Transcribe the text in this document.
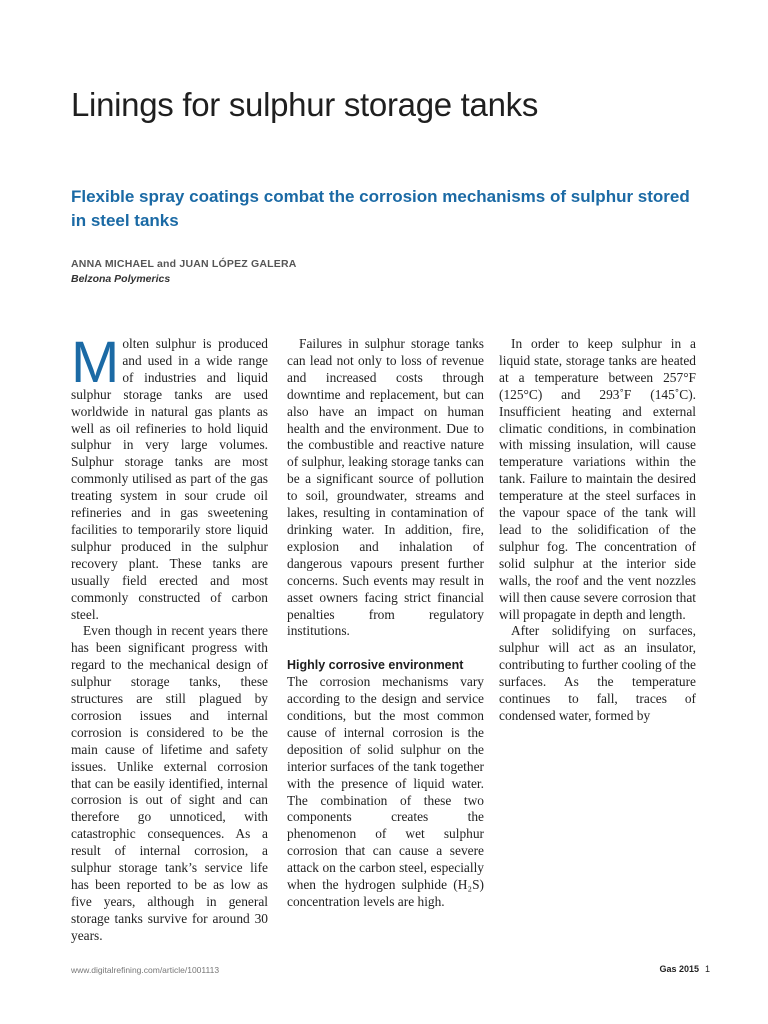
Linings for sulphur storage tanks
Flexible spray coatings combat the corrosion mechanisms of sulphur stored in steel tanks
ANNA MICHAEL and JUAN LÓPEZ GALERA
Belzona Polymerics

Molten sulphur is produced and used in a wide range of industries and liquid sulphur storage tanks are used worldwide in natural gas plants as well as oil refineries to hold liquid sulphur in very large volumes. Sulphur storage tanks are most commonly utilised as part of the gas treating system in sour crude oil refineries and in gas sweetening facilities to temporarily store liquid sulphur produced in the sulphur recovery plant. These tanks are usually field erected and most commonly constructed of carbon steel.

Even though in recent years there has been significant progress with regard to the mechanical design of sulphur storage tanks, these structures are still plagued by corrosion issues and internal corrosion is considered to be the main cause of lifetime and safety issues. Unlike external corrosion that can be easily identified, internal corrosion is out of sight and can therefore go unnoticed, with catastrophic consequences. As a result of internal corrosion, a sulphur storage tank’s service life has been reported to be as low as five years, although in general storage tanks survive for around 30 years.

Failures in sulphur storage tanks can lead not only to loss of revenue and increased costs through downtime and replacement, but can also have an impact on human health and the environment. Due to the combustible and reactive nature of sulphur, leaking storage tanks can be a significant source of pollution to soil, groundwater, streams and lakes, resulting in contamination of drinking water. In addition, fire, explosion and inhalation of dangerous vapours present further concerns. Such events may result in asset owners facing strict financial penalties from regulatory institutions.

Highly corrosive environment

The corrosion mechanisms vary according to the design and service conditions, but the most common cause of internal corrosion is the deposition of solid sulphur on the interior surfaces of the tank together with the presence of liquid water. The combination of these two components creates the phenomenon of wet sulphur corrosion that can cause a severe attack on the carbon steel, especially when the hydrogen sulphide (H₂S) concentration levels are high.

In order to keep sulphur in a liquid state, storage tanks are heated at a temperature between 257°F (125°C) and 293˚F (145˚C). Insufficient heating and external climatic conditions, in combination with missing insulation, will cause temperature variations within the tank. Failure to maintain the desired temperature at the steel surfaces in the vapour space of the tank will lead to the solidification of the sulphur fog. The concentration of solid sulphur at the interior side walls, the roof and the vent nozzles will then cause severe corrosion that will propagate in depth and length.

After solidifying on surfaces, sulphur will act as an insulator, contributing to further cooling of the surfaces. As the temperature continues to fall, traces of condensed water, formed by

www.digitalrefining.com/article/1001113	Gas 2015 1
